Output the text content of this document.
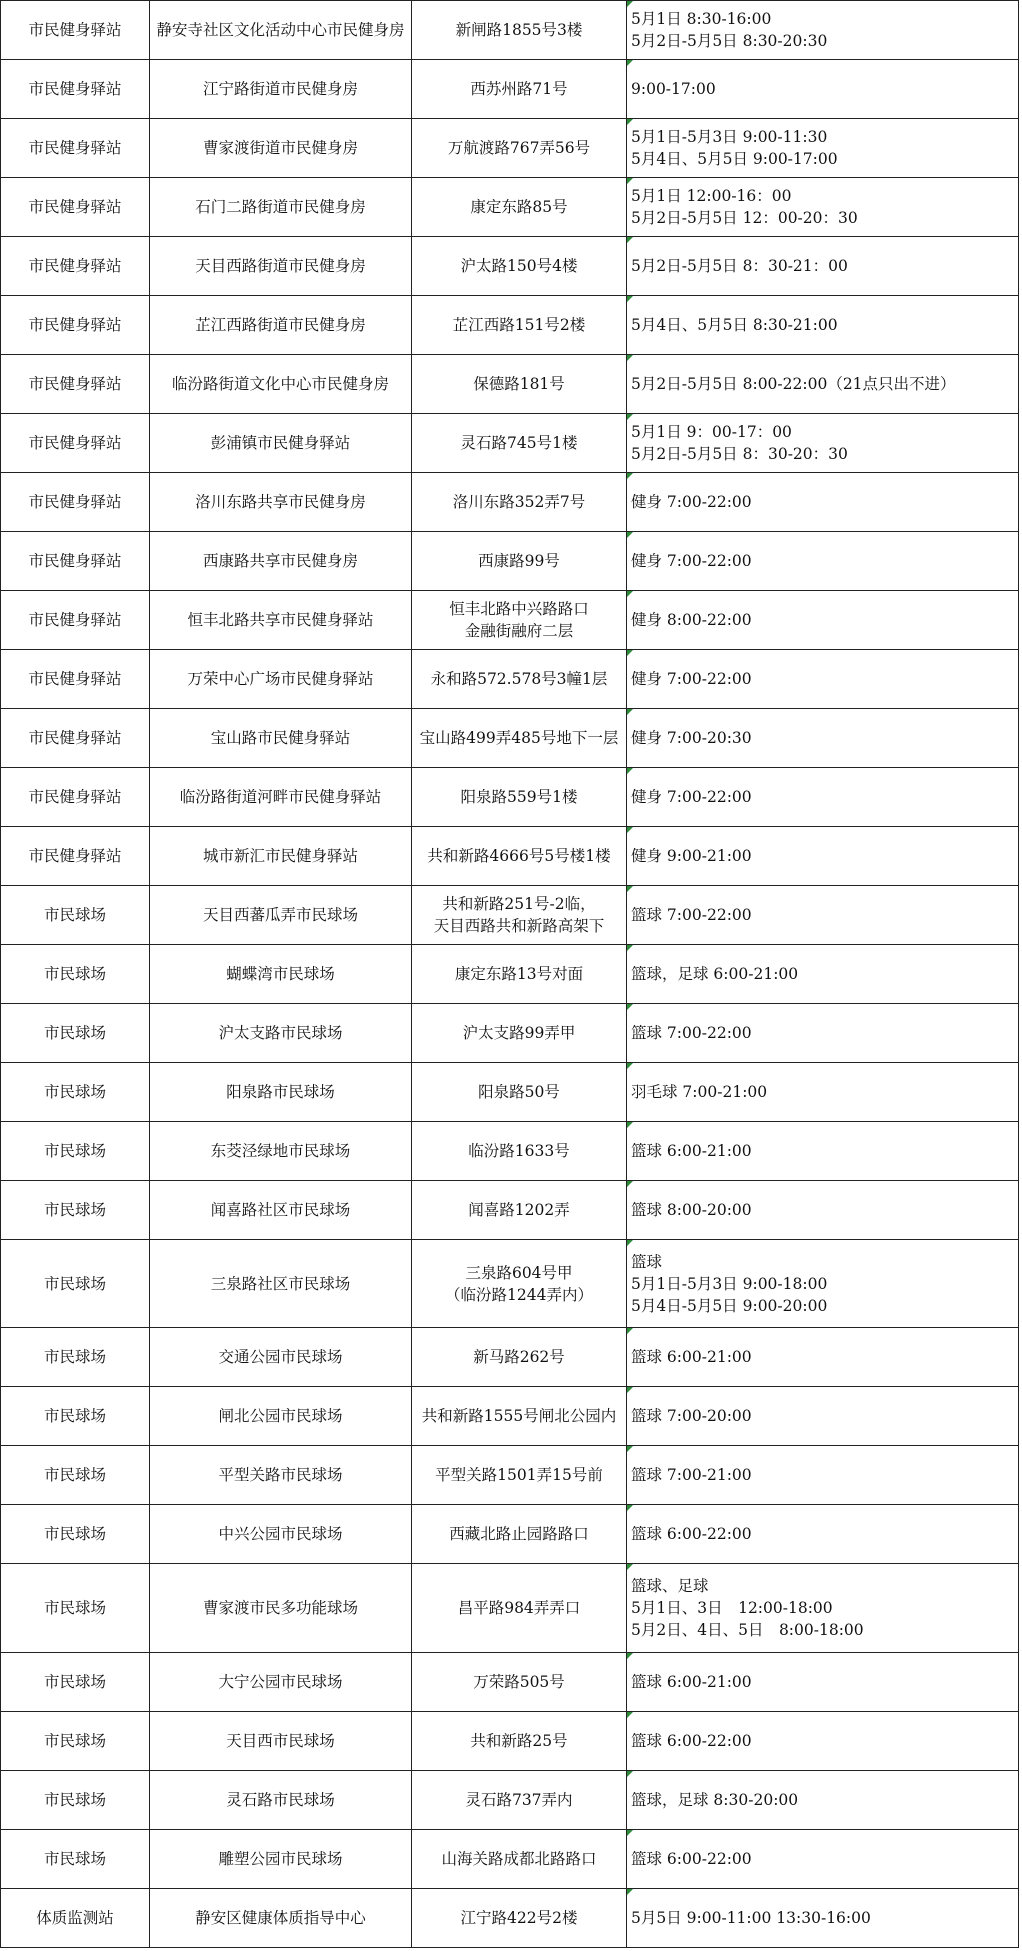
市民健身驿站	静安寺社区文化活动中心市民健身房	新闸路1855号3楼	5月1日 8:30-16:00
5月2日-5月5日 8:30-20:30

市民健身驿站	江宁路街道市民健身房	西苏州路71号	9:00-17:00

市民健身驿站	曹家渡街道市民健身房	万航渡路767弄56号	5月1日-5月3日 9:00-11:30
5月4日、5月5日 9:00-17:00

市民健身驿站	石门二路街道市民健身房	康定东路85号	5月1日 12:00-16：00
5月2日-5月5日 12：00-20：30

市民健身驿站	天目西路街道市民健身房	沪太路150号4楼	5月2日-5月5日 8：30-21：00

市民健身驿站	芷江西路街道市民健身房	芷江西路151号2楼	5月4日、5月5日 8:30-21:00

市民健身驿站	临汾路街道文化中心市民健身房	保德路181号	5月2日-5月5日 8:00-22:00（21点只出不进）

市民健身驿站	彭浦镇市民健身驿站	灵石路745号1楼	5月1日 9：00-17：00
5月2日-5月5日 8：30-20：30

市民健身驿站	洛川东路共享市民健身房	洛川东路352弄7号	健身 7:00-22:00

市民健身驿站	西康路共享市民健身房	西康路99号	健身 7:00-22:00

市民健身驿站	恒丰北路共享市民健身驿站	恒丰北路中兴路路口
金融街融府二层	健身 8:00-22:00

市民健身驿站	万荣中心广场市民健身驿站	永和路572.578号3幢1层	健身 7:00-22:00

市民健身驿站	宝山路市民健身驿站	宝山路499弄485号地下一层	健身 7:00-20:30

市民健身驿站	临汾路街道河畔市民健身驿站	阳泉路559号1楼	健身 7:00-22:00

市民健身驿站	城市新汇市民健身驿站	共和新路4666号5号楼1楼	健身 9:00-21:00

市民球场	天目西蕃瓜弄市民球场	共和新路251号-2临，
天目西路共和新路高架下	篮球 7:00-22:00

市民球场	蝴蝶湾市民球场	康定东路13号对面	篮球，足球 6:00-21:00

市民球场	沪太支路市民球场	沪太支路99弄甲	篮球 7:00-22:00

市民球场	阳泉路市民球场	阳泉路50号	羽毛球 7:00-21:00

市民球场	东茭泾绿地市民球场	临汾路1633号	篮球 6:00-21:00

市民球场	闻喜路社区市民球场	闻喜路1202弄	篮球 8:00-20:00

市民球场	三泉路社区市民球场	三泉路604号甲
（临汾路1244弄内）	篮球
5月1日-5月3日 9:00-18:00
5月4日-5月5日 9:00-20:00

市民球场	交通公园市民球场	新马路262号	篮球 6:00-21:00

市民球场	闸北公园市民球场	共和新路1555号闸北公园内	篮球 7:00-20:00

市民球场	平型关路市民球场	平型关路1501弄15号前	篮球 7:00-21:00

市民球场	中兴公园市民球场	西藏北路止园路路口	篮球 6:00-22:00

市民球场	曹家渡市民多功能球场	昌平路984弄弄口	篮球、足球
5月1日、3日　12:00-18:00
5月2日、4日、5日　8:00-18:00

市民球场	大宁公园市民球场	万荣路505号	篮球 6:00-21:00

市民球场	天目西市民球场	共和新路25号	篮球 6:00-22:00

市民球场	灵石路市民球场	灵石路737弄内	篮球，足球 8:30-20:00

市民球场	雕塑公园市民球场	山海关路成都北路路口	篮球 6:00-22:00

体质监测站	静安区健康体质指导中心	江宁路422号2楼	5月5日 9:00-11:00 13:30-16:00
